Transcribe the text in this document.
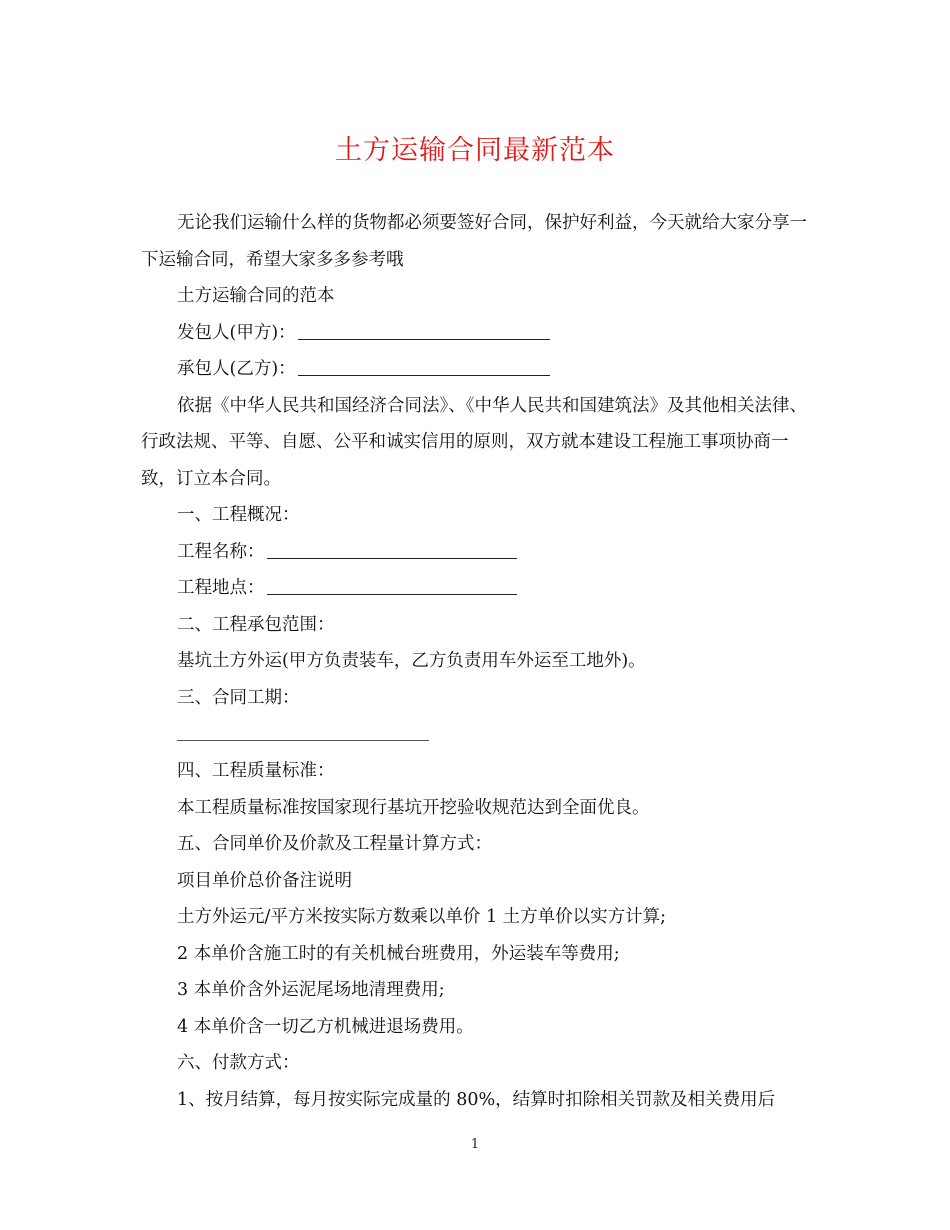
土方运输合同最新范本

无论我们运输什么样的货物都必须要签好合同，保护好利益，今天就给大家分享一下运输合同，希望大家多多参考哦

土方运输合同的范本

发包人(甲方)：

承包人(乙方)：

依据《中华人民共和国经济合同法》、《中华人民共和国建筑法》及其他相关法律、行政法规、平等、自愿、公平和诚实信用的原则，双方就本建设工程施工事项协商一致，订立本合同。

一、工程概况：

工程名称：

工程地点：

二、工程承包范围：

基坑土方外运(甲方负责装车，乙方负责用车外运至工地外)。

三、合同工期：

四、工程质量标准：

本工程质量标准按国家现行基坑开挖验收规范达到全面优良。

五、合同单价及价款及工程量计算方式：

项目单价总价备注说明

土方外运元/平方米按实际方数乘以单价 1 土方单价以实方计算;

2 本单价含施工时的有关机械台班费用，外运装车等费用;

3 本单价含外运泥尾场地清理费用;

4 本单价含一切乙方机械进退场费用。

六、付款方式：

1、按月结算，每月按实际完成量的 80%，结算时扣除相关罚款及相关费用后

1
